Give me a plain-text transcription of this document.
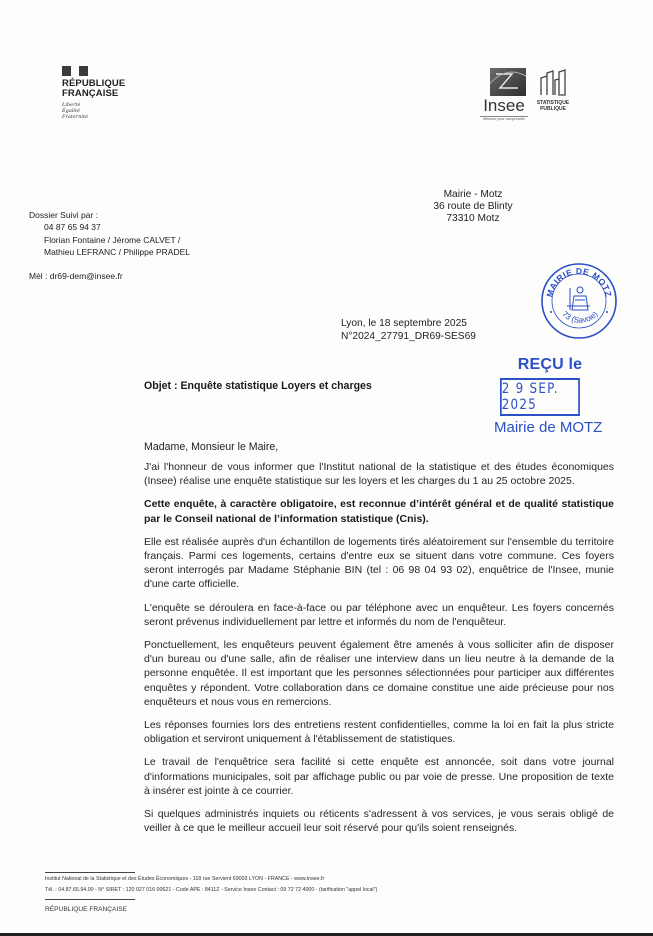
RÉPUBLIQUE
FRANÇAISE
Liberté
Égalité
Fraternité
Insee
Mesurer pour comprendre
STATISTIQUE
PUBLIQUE
Dossier Suivi par :
04 87 65 94 37
Florian Fontaine / Jérome CALVET /
Mathieu LEFRANC / Philippe PRADEL
Mèl : dr69-dem@insee.fr
Mairie - Motz
36 route de Blinty
73310 Motz
MAIRIE DE MOTZ
73 (Savoie)
Lyon, le 18 septembre 2025
N°2024_27791_DR69-SES69
REÇU le
2 9 SEP. 2025
Mairie de MOTZ
Objet : Enquête statistique Loyers et charges
Madame, Monsieur le Maire,

J'ai l'honneur de vous informer que l'Institut national de la statistique et des études économiques (Insee) réalise une enquête statistique sur les loyers et les charges du 1 au 25 octobre 2025.

Cette enquête, à caractère obligatoire, est reconnue d’intérêt général et de qualité statistique par le Conseil national de l’information statistique (Cnis).

Elle est réalisée auprès d'un échantillon de logements tirés aléatoirement sur l'ensemble du territoire français. Parmi ces logements, certains d'entre eux se situent dans votre commune. Ces foyers seront interrogés par Madame Stéphanie BIN (tel : 06 98 04 93 02), enquêtrice de l'Insee, munie d'une carte officielle.

L'enquête se déroulera en face-à-face ou par téléphone avec un enquêteur. Les foyers concernés seront prévenus individuellement par lettre et informés du nom de l'enquêteur.

Ponctuellement, les enquêteurs peuvent également être amenés à vous solliciter afin de disposer d'un bureau ou d'une salle, afin de réaliser une interview dans un lieu neutre à la demande de la personne enquêtée. Il est important que les personnes sélectionnées pour participer aux différentes enquêtes y répondent. Votre collaboration dans ce domaine constitue une aide précieuse pour nos enquêteurs et nous vous en remercions.

Les réponses fournies lors des entretiens restent confidentielles, comme la loi en fait la plus stricte obligation et serviront uniquement à l'établissement de statistiques.

Le travail de l'enquêtrice sera facilité si cette enquête est annoncée, soit dans votre journal d'informations municipales, soit par affichage public ou par voie de presse. Une proposition de texte à insérer est jointe à ce courrier.

Si quelques administrés inquiets ou réticents s'adressent à vos services, je vous serais obligé de veiller à ce que le meilleur accueil leur soit réservé pour qu'ils soient renseignés.

Institut National de la Statistique et des Études Économiques - 118 rue Servient 69003 LYON - FRANCE - www.insee.fr
Tél. : 04.87.65.94.00 - N° SIRET : 120 027 016 00621 - Code APE : 8411Z - Service Insee Contact : 09 72 72 4000 - (tarification "appel local")
RÉPUBLIQUE FRANÇAISE
